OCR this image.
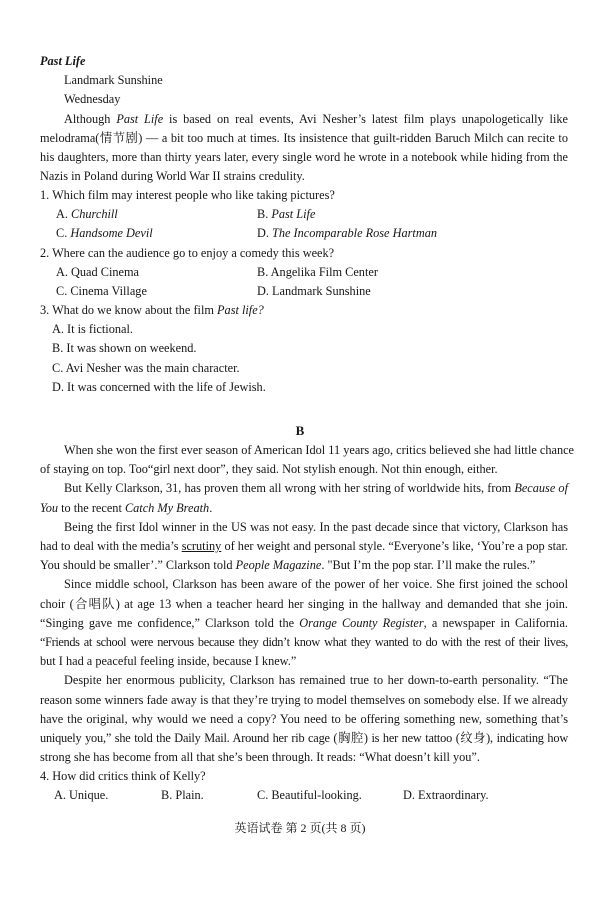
Past Life
Landmark Sunshine
Wednesday
Although Past Life is based on real events, Avi Nesher’s latest film plays unapologetically like
melodrama(情节剧) — a bit too much at times. Its insistence that guilt-ridden Baruch Milch can recite to
his daughters, more than thirty years later, every single word he wrote in a notebook while hiding from the
Nazis in Poland during World War II strains credulity.
1. Which film may interest people who like taking pictures?
A. Churchill	B. Past Life
C. Handsome Devil	D. The Incomparable Rose Hartman
2. Where can the audience go to enjoy a comedy this week?
A. Quad Cinema	B. Angelika Film Center
C. Cinema Village	D. Landmark Sunshine
3. What do we know about the film Past life?
A. It is fictional.
B. It was shown on weekend.
C. Avi Nesher was the main character.
D. It was concerned with the life of Jewish.
B
When she won the first ever season of American Idol 11 years ago, critics believed she had little chance
of staying on top. Too“girl next door”, they said. Not stylish enough. Not thin enough, either.
But Kelly Clarkson, 31, has proven them all wrong with her string of worldwide hits, from Because of
You to the recent Catch My Breath.
Being the first Idol winner in the US was not easy. In the past decade since that victory, Clarkson has
had to deal with the media’s scrutiny of her weight and personal style. “Everyone’s like, ‘You’re a pop star.
You should be smaller’.” Clarkson told People Magazine. "But I’m the pop star. I’ll make the rules.”
Since middle school, Clarkson has been aware of the power of her voice. She first joined the school
choir (合唱队) at age 13 when a teacher heard her singing in the hallway and demanded that she join.
“Singing gave me confidence,” Clarkson told the Orange County Register, a newspaper in California.
“Friends at school were nervous because they didn’t know what they wanted to do with the rest of their lives,
but I had a peaceful feeling inside, because I knew.”
Despite her enormous publicity, Clarkson has remained true to her down-to-earth personality. “The
reason some winners fade away is that they’re trying to model themselves on somebody else. If we already
have the original, why would we need a copy? You need to be offering something new, something that’s
uniquely you,” she told the Daily Mail. Around her rib cage (胸腔) is her new tattoo (纹身), indicating how
strong she has become from all that she’s been through. It reads: “What doesn’t kill you”.
4. How did critics think of Kelly?
A. Unique.	B. Plain.	C. Beautiful-looking.	D. Extraordinary.
英语试卷 第 2 页(共 8 页)
